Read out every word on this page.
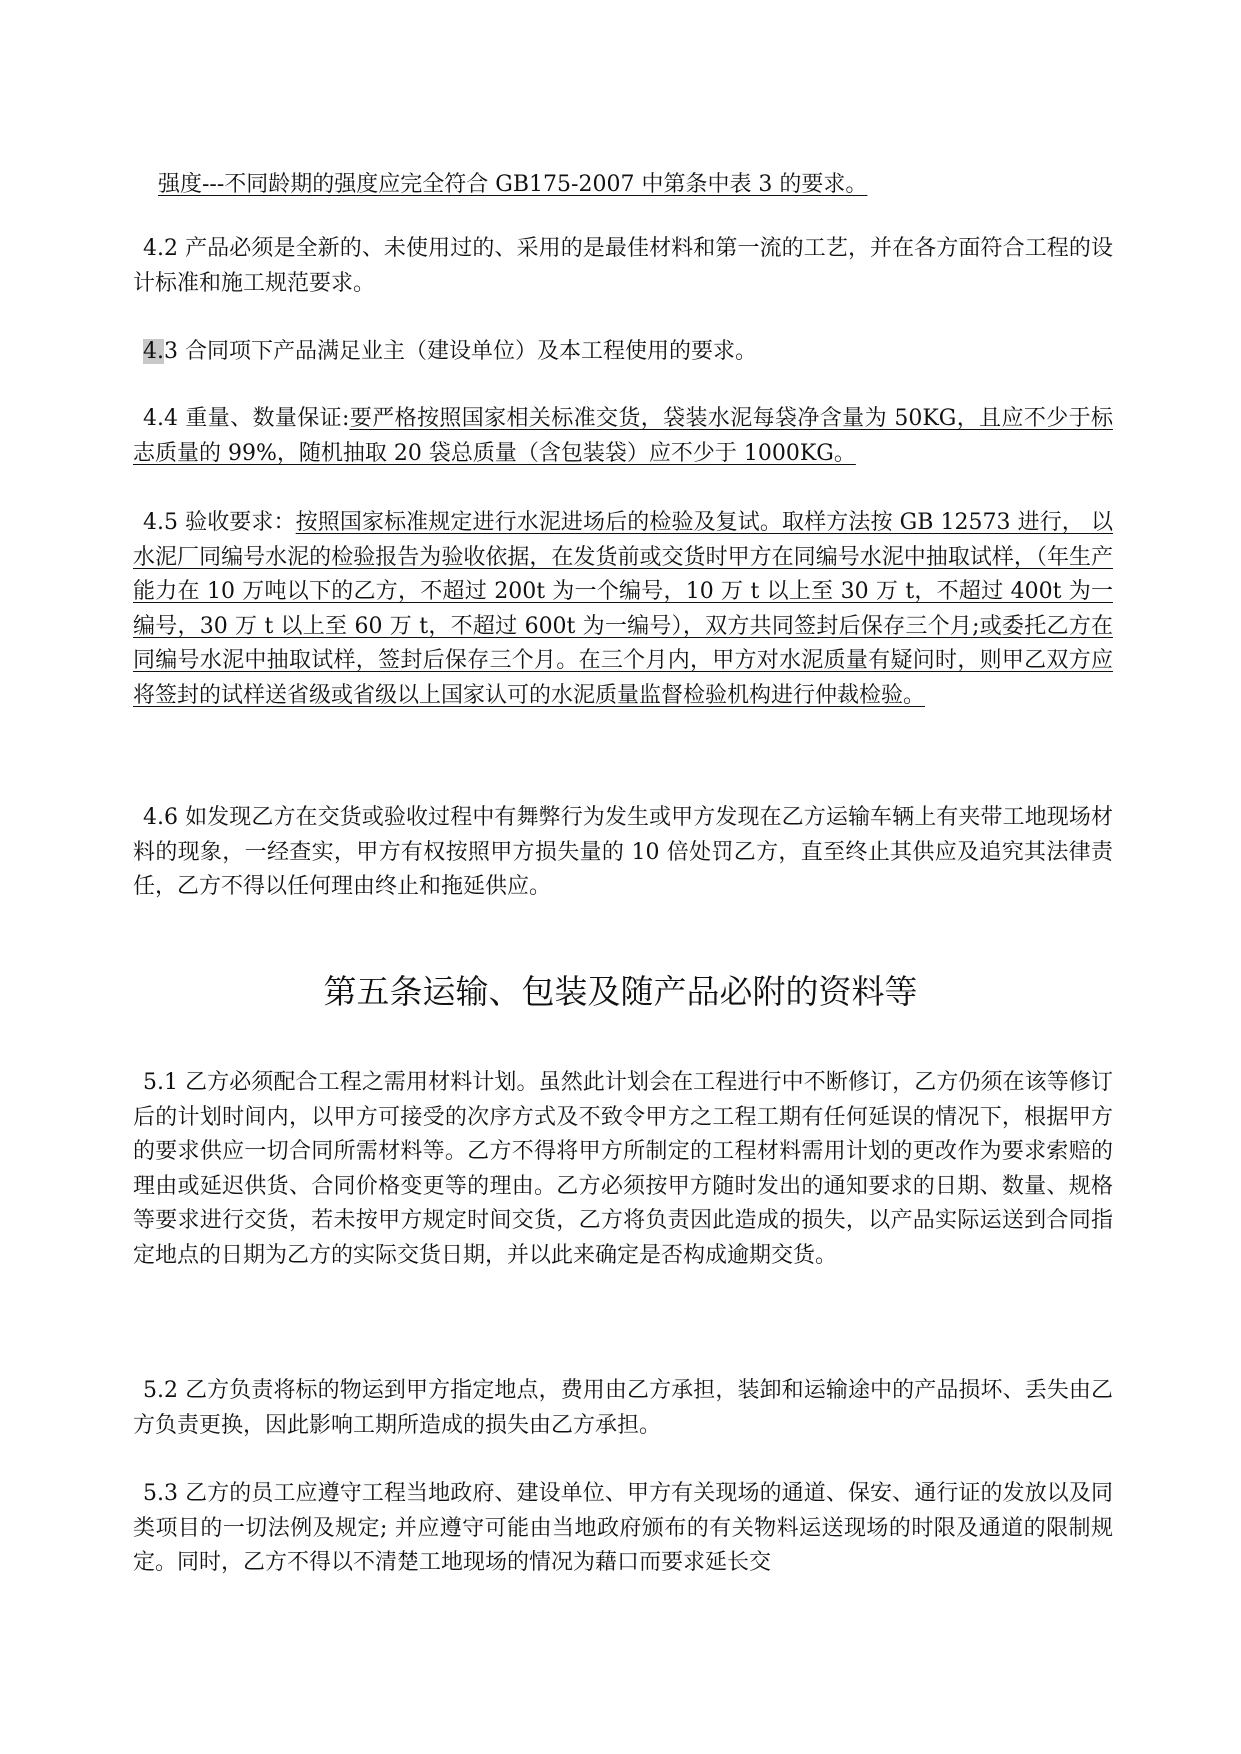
强度---不同龄期的强度应完全符合 GB175-2007 中第条中表 3 的要求。

4.2 产品必须是全新的、未使用过的、采用的是最佳材料和第一流的工艺，并在各方面符合工程的设计标准和施工规范要求。

4.3 合同项下产品满足业主（建设单位）及本工程使用的要求。

4.4 重量、数量保证:要严格按照国家相关标准交货，袋装水泥每袋净含量为 50KG，且应不少于标志质量的 99%，随机抽取 20 袋总质量（含包装袋）应不少于 1000KG。

4.5 验收要求：按照国家标准规定进行水泥进场后的检验及复试。取样方法按 GB 12573 进行， 以水泥厂同编号水泥的检验报告为验收依据，在发货前或交货时甲方在同编号水泥中抽取试样，（年生产能力在 10 万吨以下的乙方，不超过 200t 为一个编号，10 万 t 以上至 30 万 t，不超过 400t 为一编号，30 万 t 以上至 60 万 t，不超过 600t 为一编号），双方共同签封后保存三个月;或委托乙方在同编号水泥中抽取试样，签封后保存三个月。在三个月内，甲方对水泥质量有疑问时，则甲乙双方应将签封的试样送省级或省级以上国家认可的水泥质量监督检验机构进行仲裁检验。

4.6 如发现乙方在交货或验收过程中有舞弊行为发生或甲方发现在乙方运输车辆上有夹带工地现场材料的现象，一经查实，甲方有权按照甲方损失量的 10 倍处罚乙方，直至终止其供应及追究其法律责任，乙方不得以任何理由终止和拖延供应。

第五条运输、包装及随产品必附的资料等

5.1 乙方必须配合工程之需用材料计划。虽然此计划会在工程进行中不断修订，乙方仍须在该等修订后的计划时间内，以甲方可接受的次序方式及不致令甲方之工程工期有任何延误的情况下，根据甲方的要求供应一切合同所需材料等。乙方不得将甲方所制定的工程材料需用计划的更改作为要求索赔的理由或延迟供货、合同价格变更等的理由。乙方必须按甲方随时发出的通知要求的日期、数量、规格等要求进行交货，若未按甲方规定时间交货，乙方将负责因此造成的损失，以产品实际运送到合同指定地点的日期为乙方的实际交货日期，并以此来确定是否构成逾期交货。

5.2 乙方负责将标的物运到甲方指定地点，费用由乙方承担，装卸和运输途中的产品损坏、丢失由乙方负责更换，因此影响工期所造成的损失由乙方承担。

5.3 乙方的员工应遵守工程当地政府、建设单位、甲方有关现场的通道、保安、通行证的发放以及同类项目的一切法例及规定; 并应遵守可能由当地政府颁布的有关物料运送现场的时限及通道的限制规定。同时，乙方不得以不清楚工地现场的情况为藉口而要求延长交
